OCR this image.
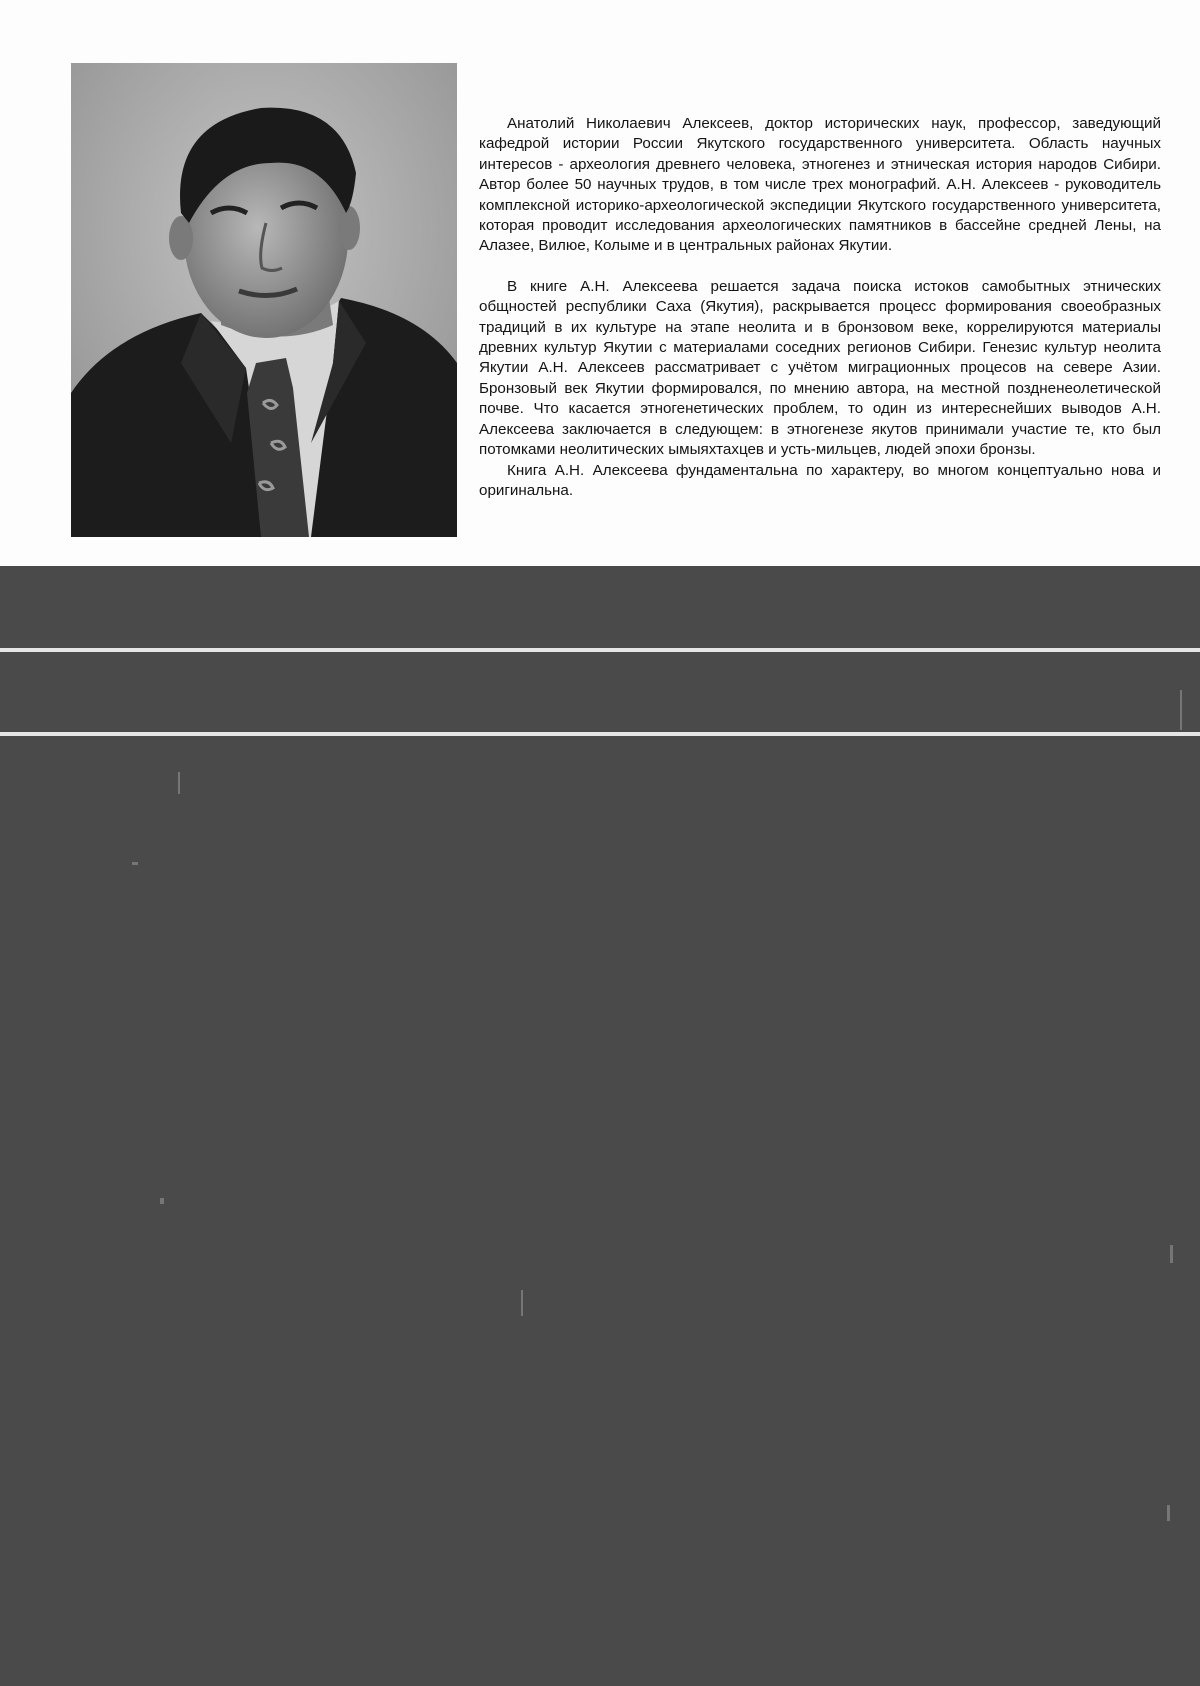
Анатолий Николаевич Алексеев, доктор исторических наук, профессор, заведующий кафедрой истории России Якутского государственного университета. Область научных интересов - археология древнего человека, этногенез и этническая история народов Сибири. Автор более 50 научных трудов, в том числе трех монографий. А.Н. Алексеев - руководитель комплексной историко-археологической экспедиции Якутского государственного университета, которая проводит исследования археологических памятников в бассейне средней Лены, на Алазее, Вилюе, Колыме и в центральных районах Якутии.

В книге А.Н. Алексеева решается задача поиска истоков самобытных этнических общностей республики Саха (Якутия), раскрывается процесс формирования своеобразных традиций в их культуре на этапе неолита и в бронзовом веке, коррелируются материалы древних культур Якутии с материалами соседних регионов Сибири. Генезис культур неолита Якутии А.Н. Алексеев рассматривает с учётом миграционных процесов на севере Азии. Бронзовый век Якутии формировался, по мнению автора, на местной поздненеолетической почве. Что касается этногенетических проблем, то один из интереснейших выводов А.Н. Алексеева заключается в следующем: в этногенезе якутов принимали участие те, кто был потомками неолитических ымыяхтахцев и усть-мильцев, людей эпохи бронзы.

Книга А.Н. Алексеева фундаментальна по характеру, во многом концептуально нова и оригинальна.
